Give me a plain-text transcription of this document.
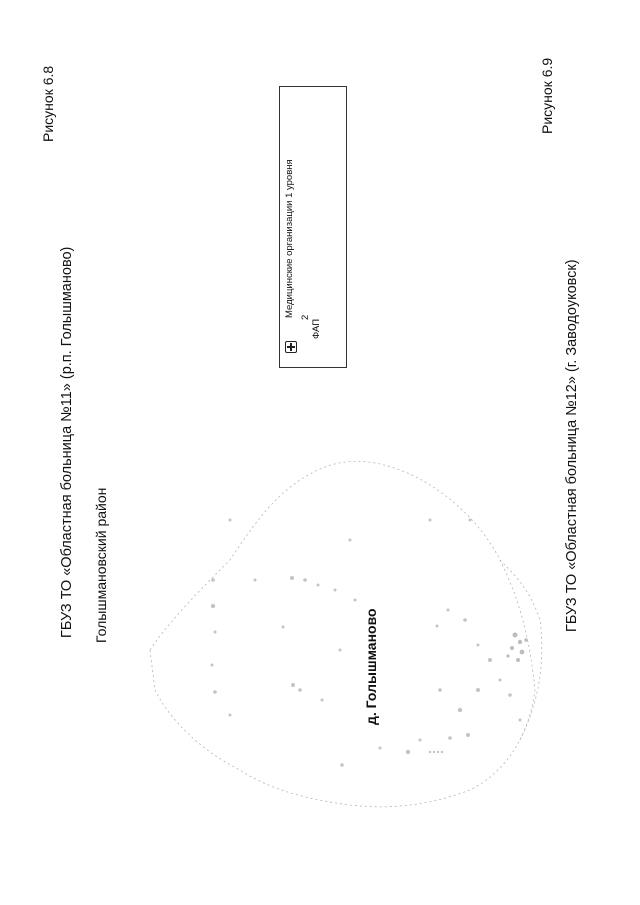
Рисунок 6.8
ГБУЗ ТО «Областная больница №11» (р.п. Голышманово) Голышмановский район
Медицинские организации 1 уровня 2
ФАП
д. Голышманово
Рисунок 6.9
ГБУЗ ТО «Областная больница №12» (г. Заводоуковск)
